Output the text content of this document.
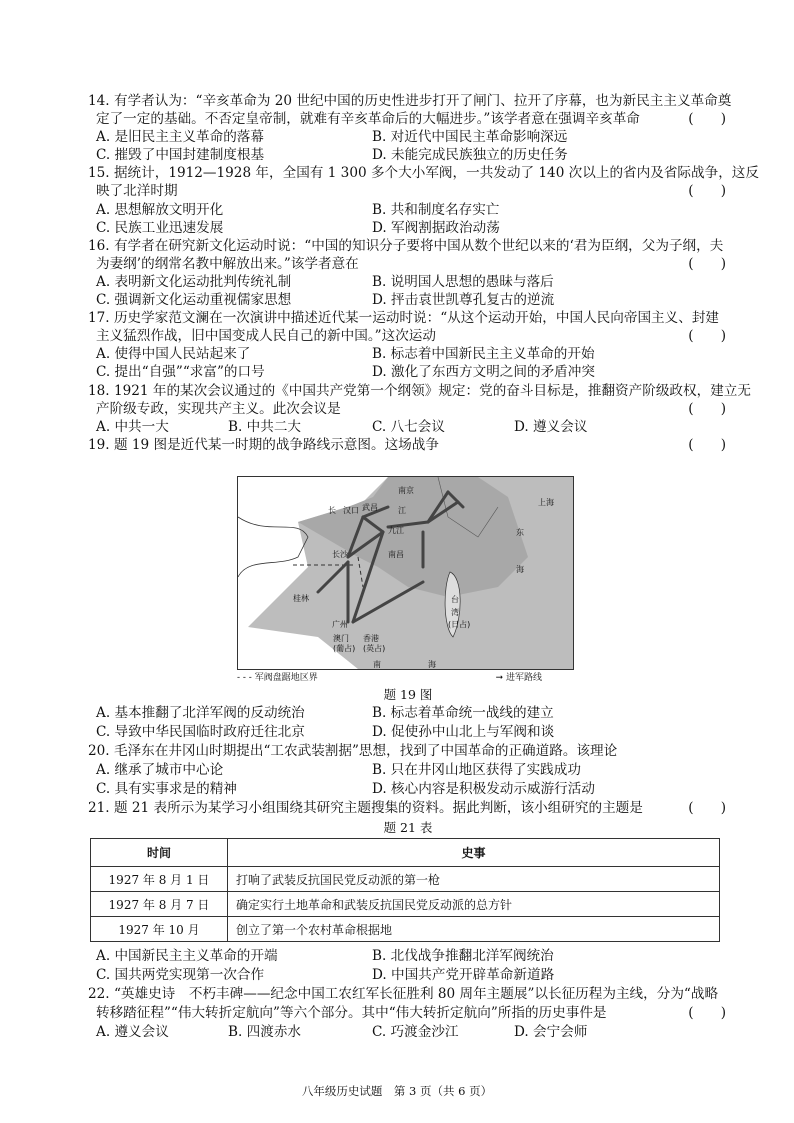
14. 有学者认为：“辛亥革命为 20 世纪中国的历史性进步打开了闸门、拉开了序幕，也为新民主主义革命奠
定了一定的基础。不否定皇帝制，就难有辛亥革命后的大幅进步。”该学者意在强调辛亥革命	(　　)
A. 是旧民主主义革命的落幕	B. 对近代中国民主革命影响深远
C. 摧毁了中国封建制度根基	D. 未能完成民族独立的历史任务
15. 据统计，1912—1928 年，全国有 1 300 多个大小军阀，一共发动了 140 次以上的省内及省际战争，这反
映了北洋时期	(　　)
A. 思想解放文明开化	B. 共和制度名存实亡
C. 民族工业迅速发展	D. 军阀割据政治动荡
16. 有学者在研究新文化运动时说：“中国的知识分子要将中国从数个世纪以来的‘君为臣纲，父为子纲，夫
为妻纲’的纲常名教中解放出来。”该学者意在	(　　)
A. 表明新文化运动批判传统礼制	B. 说明国人思想的愚昧与落后
C. 强调新文化运动重视儒家思想	D. 抨击袁世凯尊孔复古的逆流
17. 历史学家范文澜在一次演讲中描述近代某一运动时说：“从这个运动开始，中国人民向帝国主义、封建
主义猛烈作战，旧中国变成人民自己的新中国。”这次运动	(　　)
A. 使得中国人民站起来了	B. 标志着中国新民主主义革命的开始
C. 提出“自强”“求富”的口号	D. 激化了东西方文明之间的矛盾冲突
18. 1921 年的某次会议通过的《中国共产党第一个纲领》规定：党的奋斗目标是，推翻资产阶级政权，建立无
产阶级专政，实现共产主义。此次会议是	(　　)
A. 中共一大	B. 中共二大	C. 八七会议	D. 遵义会议
19. 题 19 图是近代某一时期的战争路线示意图。这场战争	(　　)
南京
上海
汉口 武昌
九江
长沙	南昌
桂林
广州
澳门
(葡占)
香港
(英占)
台
湾
(日占)
东
海
南	海
长	江
- - - 军阀盘踞地区界	➞ 进军路线
题 19 图
A. 基本推翻了北洋军阀的反动统治	B. 标志着革命统一战线的建立
C. 导致中华民国临时政府迁往北京	D. 促使孙中山北上与军阀和谈
20. 毛泽东在井冈山时期提出“工农武装割据”思想，找到了中国革命的正确道路。该理论
A. 继承了城市中心论	B. 只在井冈山地区获得了实践成功
C. 具有实事求是的精神	D. 核心内容是积极发动示威游行活动
21. 题 21 表所示为某学习小组围绕其研究主题搜集的资料。据此判断，该小组研究的主题是	(　　)
题 21 表
时间	史事
1927 年 8 月 1 日	打响了武装反抗国民党反动派的第一枪
1927 年 8 月 7 日	确定实行土地革命和武装反抗国民党反动派的总方针
1927 年 10 月	创立了第一个农村革命根据地
A. 中国新民主主义革命的开端	B. 北伐战争推翻北洋军阀统治
C. 国共两党实现第一次合作	D. 中国共产党开辟革命新道路
22. “英雄史诗　不朽丰碑——纪念中国工农红军长征胜利 80 周年主题展”以长征历程为主线，分为“战略
转移踏征程”“伟大转折定航向”等六个部分。其中“伟大转折定航向”所指的历史事件是	(　　)
A. 遵义会议	B. 四渡赤水	C. 巧渡金沙江	D. 会宁会师
八年级历史试题　第 3 页（共 6 页）
